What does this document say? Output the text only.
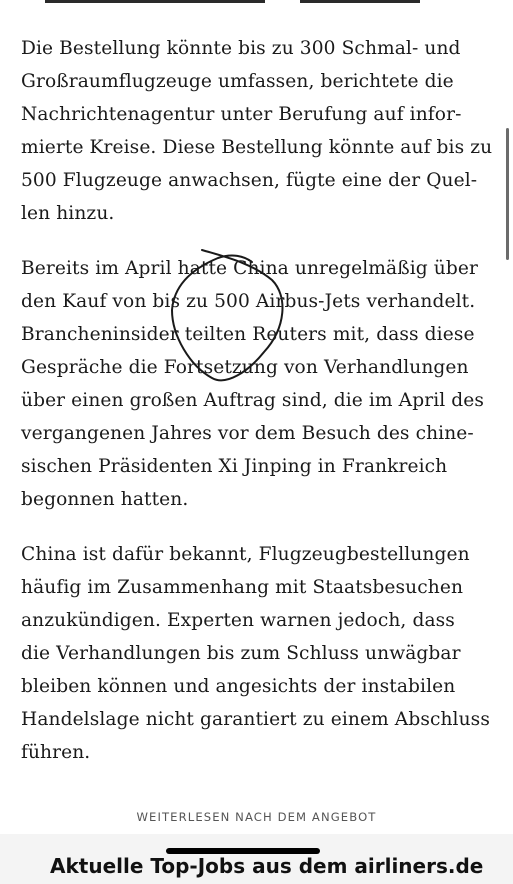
Die Bestellung könnte bis zu 300 Schmal- und
Großraumflugzeuge umfassen, berichtete die
Nachrichtenagentur unter Berufung auf infor-
mierte Kreise. Diese Bestellung könnte auf bis zu
500 Flugzeuge anwachsen, fügte eine der Quel-
len hinzu.

Bereits im April hatte China unregelmäßig über
den Kauf von bis zu 500 Airbus-Jets verhandelt.
Brancheninsider teilten Reuters mit, dass diese
Gespräche die Fortsetzung von Verhandlungen
über einen großen Auftrag sind, die im April des
vergangenen Jahres vor dem Besuch des chine-
sischen Präsidenten Xi Jinping in Frankreich
begonnen hatten.

China ist dafür bekannt, Flugzeugbestellungen
häufig im Zusammenhang mit Staatsbesuchen
anzukündigen. Experten warnen jedoch, dass
die Verhandlungen bis zum Schluss unwägbar
bleiben können und angesichts der instabilen
Handelslage nicht garantiert zu einem Abschluss
führen.

WEITERLESEN NACH DEM ANGEBOT
Aktuelle Top-Jobs aus dem airliners.de
